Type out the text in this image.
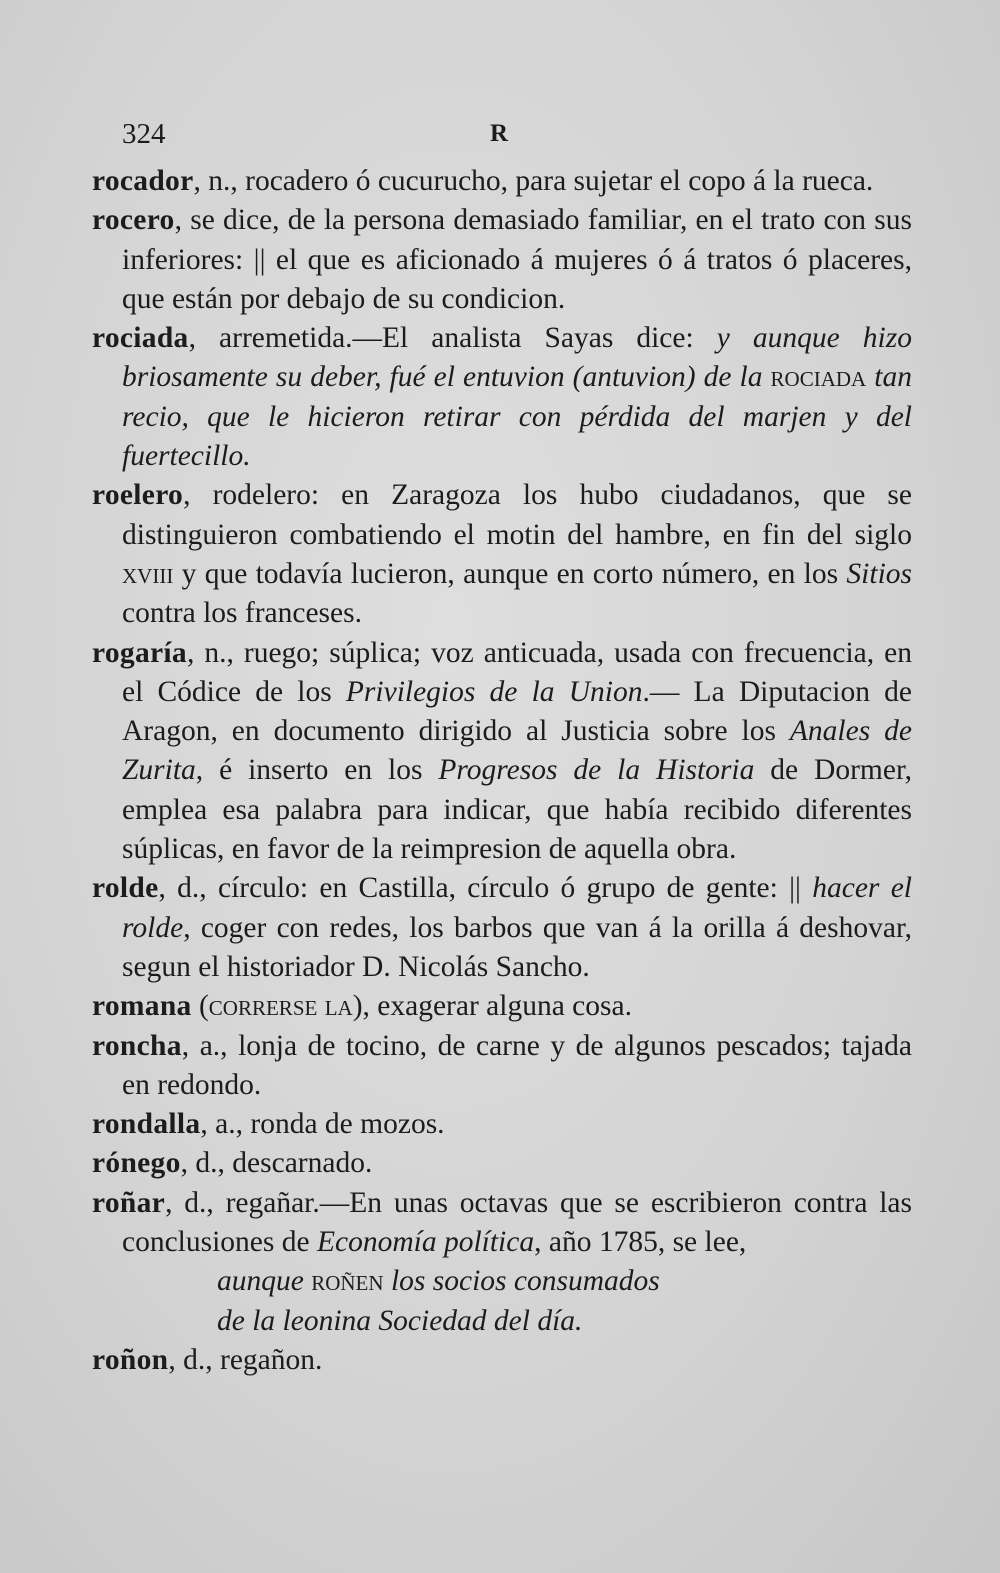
324	R

rocador, n., rocadero ó cucurucho, para sujetar el copo á la rueca.

rocero, se dice, de la persona demasiado familiar, en el trato con sus inferiores: || el que es aficionado á mujeres ó á tratos ó placeres, que están por debajo de su condicion.

rociada, arremetida.—El analista Sayas dice: y aunque hizo briosamente su deber, fué el entuvion (antuvion) de la rociada tan recio, que le hicieron retirar con pérdida del marjen y del fuertecillo.

roelero, rodelero: en Zaragoza los hubo ciudadanos, que se distinguieron combatiendo el motin del hambre, en fin del siglo xviii y que todavía lucieron, aunque en corto número, en los Sitios contra los franceses.

rogaría, n., ruego; súplica; voz anticuada, usada con frecuencia, en el Códice de los Privilegios de la Union.— La Diputacion de Aragon, en documento dirigido al Justicia sobre los Anales de Zurita, é inserto en los Progresos de la Historia de Dormer, emplea esa palabra para indicar, que había recibido diferentes súplicas, en favor de la reimpresion de aquella obra.

rolde, d., círculo: en Castilla, círculo ó grupo de gente: || hacer el rolde, coger con redes, los barbos que van á la orilla á deshovar, segun el historiador D. Nicolás Sancho.

romana (correrse la), exagerar alguna cosa.

roncha, a., lonja de tocino, de carne y de algunos pescados; tajada en redondo.

rondalla, a., ronda de mozos.

rónego, d., descarnado.

roñar, d., regañar.—En unas octavas que se escribieron contra las conclusiones de Economía política, año 1785, se lee,

aunque roñen los socios consumados

de la leonina Sociedad del día.

roñon, d., regañon.
